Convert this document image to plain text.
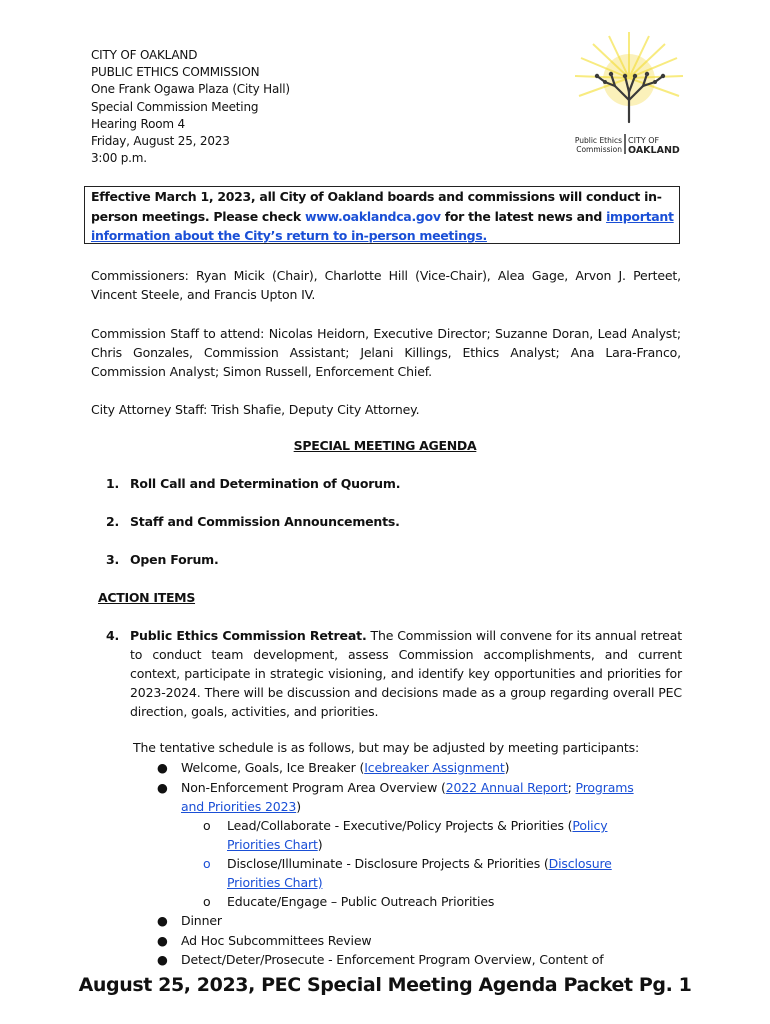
CITY OF OAKLAND
PUBLIC ETHICS COMMISSION
One Frank Ogawa Plaza (City Hall)
Special Commission Meeting
Hearing Room 4
Friday, August 25, 2023
3:00 p.m.
Public Ethics
Commission
CITY OF
OAKLAND
Effective March 1, 2023, all City of Oakland boards and commissions will conduct in-person meetings. Please check www.oaklandca.gov for the latest news and important information about the City’s return to in-person meetings.
Commissioners: Ryan Micik (Chair), Charlotte Hill (Vice-Chair), Alea Gage, Arvon J. Perteet, Vincent Steele, and Francis Upton IV.
Commission Staff to attend: Nicolas Heidorn, Executive Director; Suzanne Doran, Lead Analyst; Chris Gonzales, Commission Assistant; Jelani Killings, Ethics Analyst; Ana Lara-Franco, Commission Analyst; Simon Russell, Enforcement Chief.
City Attorney Staff: Trish Shafie, Deputy City Attorney.
SPECIAL MEETING AGENDA
1. Roll Call and Determination of Quorum.
2. Staff and Commission Announcements.
3. Open Forum.
ACTION ITEMS
4. Public Ethics Commission Retreat. The Commission will convene for its annual retreat to conduct team development, assess Commission accomplishments, and current context, participate in strategic visioning, and identify key opportunities and priorities for 2023-2024. There will be discussion and decisions made as a group regarding overall PEC direction, goals, activities, and priorities.
The tentative schedule is as follows, but may be adjusted by meeting participants:
● Welcome, Goals, Ice Breaker (Icebreaker Assignment)
● Non-Enforcement Program Area Overview (2022 Annual Report; Programs
and Priorities 2023)
o Lead/Collaborate - Executive/Policy Projects & Priorities (Policy
Priorities Chart)
o Disclose/Illuminate - Disclosure Projects & Priorities (Disclosure
Priorities Chart)
o Educate/Engage – Public Outreach Priorities
● Dinner
● Ad Hoc Subcommittees Review
● Detect/Deter/Prosecute - Enforcement Program Overview, Content of
August 25, 2023, PEC Special Meeting Agenda Packet Pg. 1
